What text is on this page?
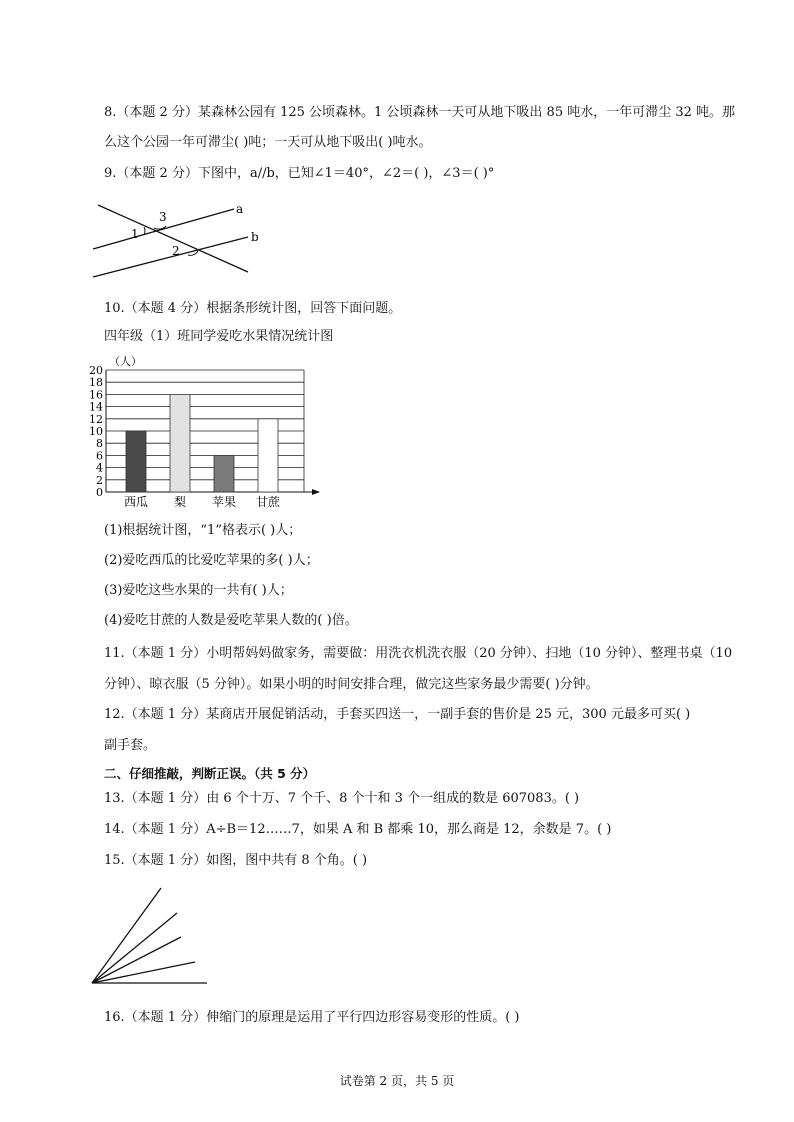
8.（本题 2 分）某森林公园有 125 公顷森林。1 公顷森林一天可从地下吸出 85 吨水，一年可滞尘 32 吨。那
么这个公园一年可滞尘( )吨；一天可从地下吸出( )吨水。
9.（本题 2 分）下图中，a//b，已知∠1＝40°，∠2＝( )，∠3＝( )°
1
3
2
a
b
10.（本题 4 分）根据条形统计图，回答下面问题。
四年级（1）班同学爱吃水果情况统计图
0
2
4
6
8
10
12
14
16
18
20
（人）
西瓜 梨 苹果 甘蔗
(1)根据统计图，“1”格表示( )人；
(2)爱吃西瓜的比爱吃苹果的多( )人；
(3)爱吃这些水果的一共有( )人；
(4)爱吃甘蔗的人数是爱吃苹果人数的( )倍。
11.（本题 1 分）小明帮妈妈做家务，需要做：用洗衣机洗衣服（20 分钟）、扫地（10 分钟）、整理书桌（10
分钟）、晾衣服（5 分钟）。如果小明的时间安排合理，做完这些家务最少需要( )分钟。
12.（本题 1 分）某商店开展促销活动，手套买四送一，一副手套的售价是 25 元，300 元最多可买( )
副手套。
二、仔细推敲，判断正误。（共 5 分）
13.（本题 1 分）由 6 个十万、7 个千、8 个十和 3 个一组成的数是 607083。( )
14.（本题 1 分）A÷B＝12……7，如果 A 和 B 都乘 10，那么商是 12，余数是 7。( )
15.（本题 1 分）如图，图中共有 8 个角。( )
16.（本题 1 分）伸缩门的原理是运用了平行四边形容易变形的性质。( )
试卷第 2 页，共 5 页
